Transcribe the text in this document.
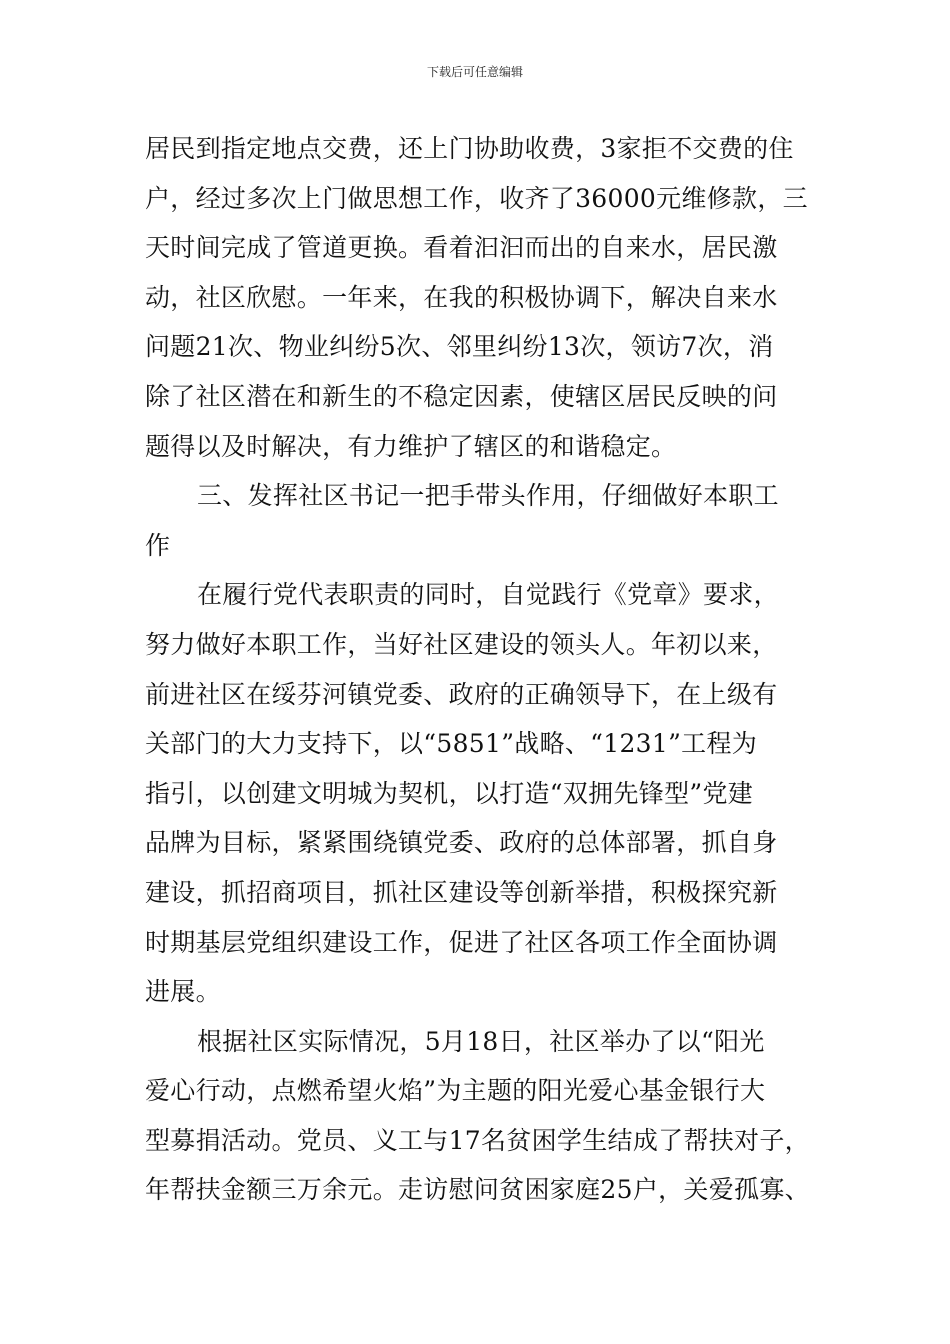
下载后可任意编辑
居民到指定地点交费，还上门协助收费，3家拒不交费的住
户，经过多次上门做思想工作，收齐了36000元维修款，三
天时间完成了管道更换。看着汩汩而出的自来水，居民激
动，社区欣慰。一年来，在我的积极协调下，解决自来水
问题21次、物业纠纷5次、邻里纠纷13次，领访7次，消
除了社区潜在和新生的不稳定因素，使辖区居民反映的问
题得以及时解决，有力维护了辖区的和谐稳定。
三、发挥社区书记一把手带头作用，仔细做好本职工
作
在履行党代表职责的同时，自觉践行《党章》要求，
努力做好本职工作，当好社区建设的领头人。年初以来，
前进社区在绥芬河镇党委、政府的正确领导下，在上级有
关部门的大力支持下，以“5851”战略、“1231”工程为
指引，以创建文明城为契机，以打造“双拥先锋型”党建
品牌为目标，紧紧围绕镇党委、政府的总体部署，抓自身
建设，抓招商项目，抓社区建设等创新举措，积极探究新
时期基层党组织建设工作，促进了社区各项工作全面协调
进展。
根据社区实际情况，5月18日，社区举办了以“阳光
爱心行动，点燃希望火焰”为主题的阳光爱心基金银行大
型募捐活动。党员、义工与17名贫困学生结成了帮扶对子，
年帮扶金额三万余元。走访慰问贫困家庭25户，关爱孤寡、
